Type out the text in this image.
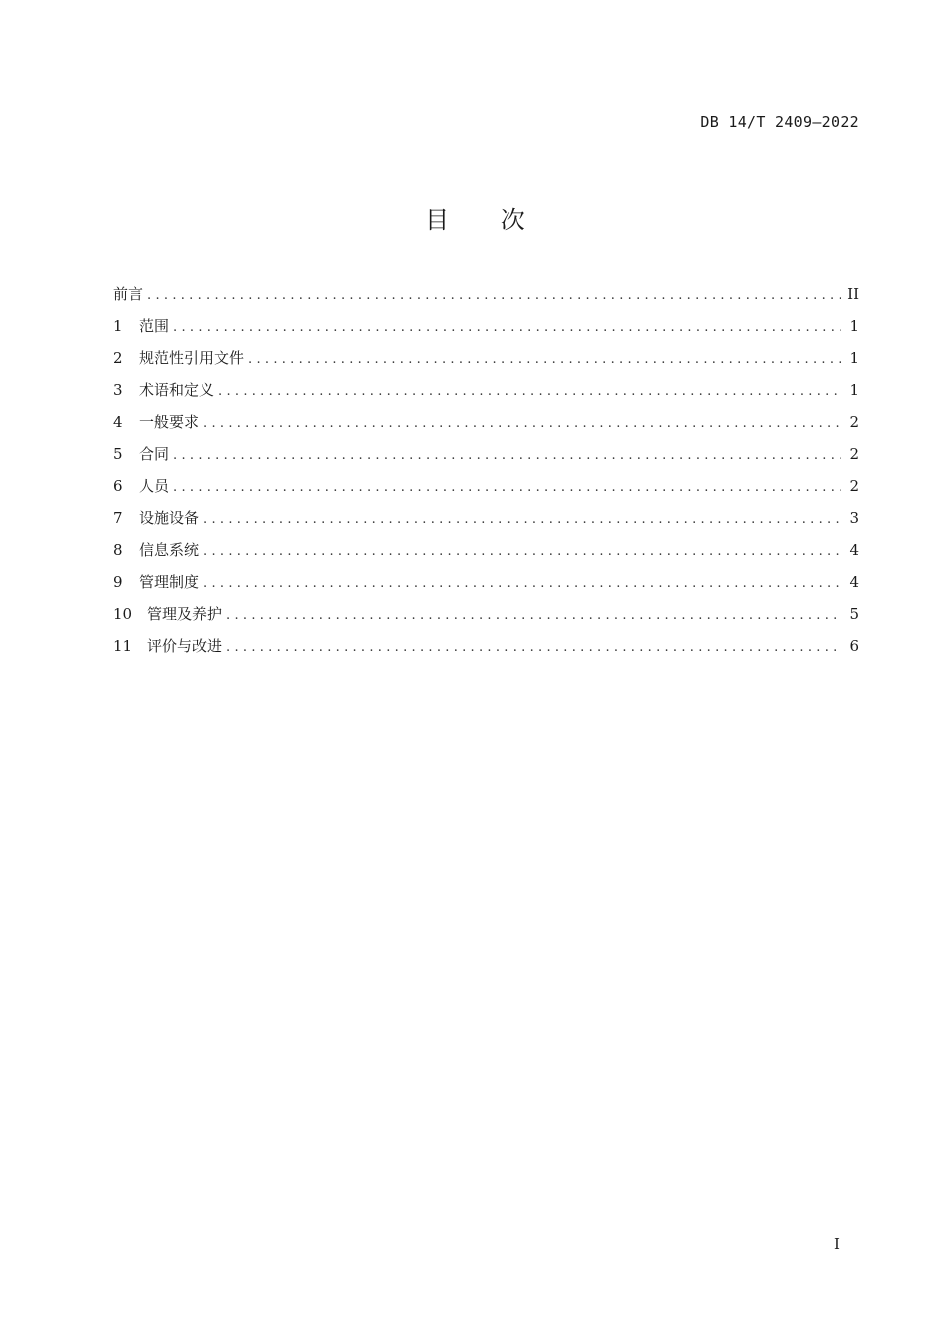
DB 14/T 2409—2022
目 次
前言 .....	II
1	范围 .....	1
2	规范性引用文件 .....	1
3	术语和定义 .....	1
4	一般要求 .....	2
5	合同 .....	2
6	人员 .....	2
7	设施设备 .....	3
8	信息系统 .....	4
9	管理制度 .....	4
10 管理及养护 .....	5
11 评价与改进 .....	6
I
